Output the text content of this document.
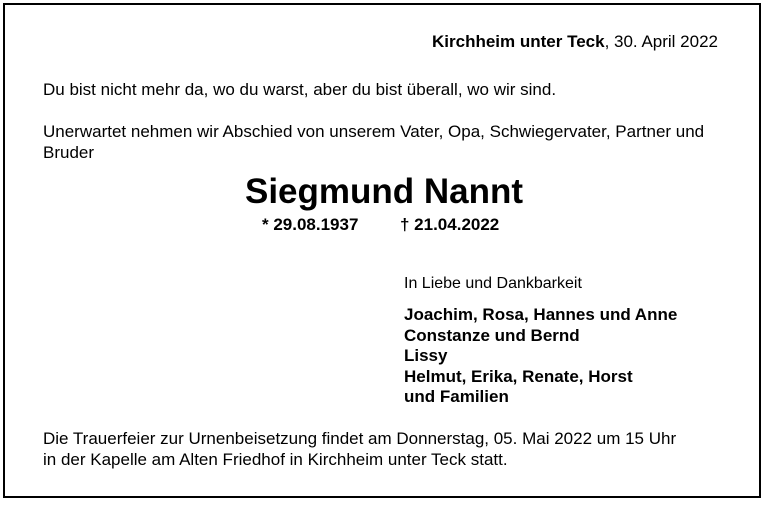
Kirchheim unter Teck, 30. April 2022
Du bist nicht mehr da, wo du warst, aber du bist überall, wo wir sind.
Unerwartet nehmen wir Abschied von unserem Vater, Opa, Schwiegervater, Partner und Bruder
Siegmund Nannt
* 29.08.1937 † 21.04.2022
In Liebe und Dankbarkeit
Joachim, Rosa, Hannes und Anne
Constanze und Bernd
Lissy
Helmut, Erika, Renate, Horst
und Familien
Die Trauerfeier zur Urnenbeisetzung findet am Donnerstag, 05. Mai 2022 um 15 Uhr
in der Kapelle am Alten Friedhof in Kirchheim unter Teck statt.
